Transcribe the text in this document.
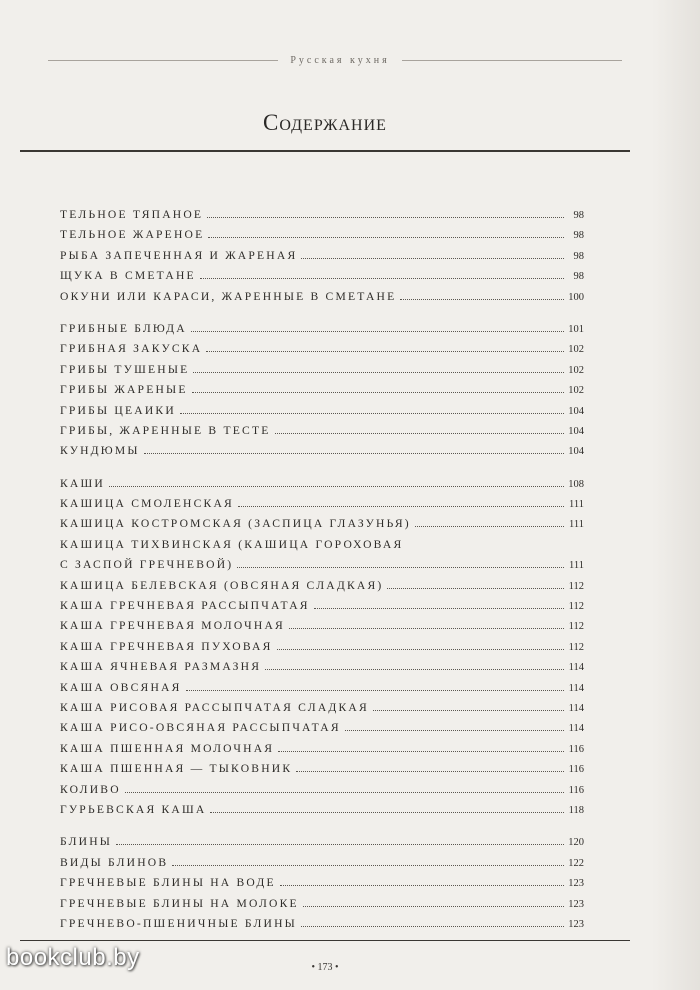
Русская кухня
Содержание
ТЕЛЬНОЕ ТЯПАНОЕ	98
ТЕЛЬНОЕ ЖАРЕНОЕ	98
РЫБА ЗАПЕЧЕННАЯ И ЖАРЕНАЯ	98
ЩУКА В СМЕТАНЕ	98
ОКУНИ ИЛИ КАРАСИ, ЖАРЕННЫЕ В СМЕТАНЕ	100
ГРИБНЫЕ БЛЮДА	101
ГРИБНАЯ ЗАКУСКА	102
ГРИБЫ ТУШЕНЫЕ	102
ГРИБЫ ЖАРЕНЫЕ	102
ГРИБЫ ЦЕAИКИ	104
ГРИБЫ, ЖАРЕННЫЕ В ТЕСТЕ	104
КУНДЮМЫ	104
КАШИ	108
КАШИЦА СМОЛЕНСКАЯ	111
КАШИЦА КОСТРОМСКАЯ (ЗАСПИЦА ГЛАЗУНЬЯ)	111
КАШИЦА ТИХВИНСКАЯ (КАШИЦА ГОРОХОВАЯ
С ЗАСПОЙ ГРЕЧНЕВОЙ)	111
КАШИЦА БЕЛЕВСКАЯ (ОВСЯНАЯ СЛАДКАЯ)	112
КАША ГРЕЧНЕВАЯ РАССЫПЧАТАЯ	112
КАША ГРЕЧНЕВАЯ МОЛОЧНАЯ	112
КАША ГРЕЧНЕВАЯ ПУХОВАЯ	112
КАША ЯЧНЕВАЯ РАЗМАЗНЯ	114
КАША ОВСЯНАЯ	114
КАША РИСОВАЯ РАССЫПЧАТАЯ СЛАДКАЯ	114
КАША РИСО-ОВСЯНАЯ РАССЫПЧАТАЯ	114
КАША ПШЕННАЯ МОЛОЧНАЯ	116
КАША ПШЕННАЯ — ТЫКОВНИК	116
КОЛИВО	116
ГУРЬЕВСКАЯ КАША	118
БЛИНЫ	120
ВИДЫ БЛИНОВ	122
ГРЕЧНЕВЫЕ БЛИНЫ НА ВОДЕ	123
ГРЕЧНЕВЫЕ БЛИНЫ НА МОЛОКЕ	123
ГРЕЧНЕВО-ПШЕНИЧНЫЕ БЛИНЫ	123
• 173 •
bookclub.by
